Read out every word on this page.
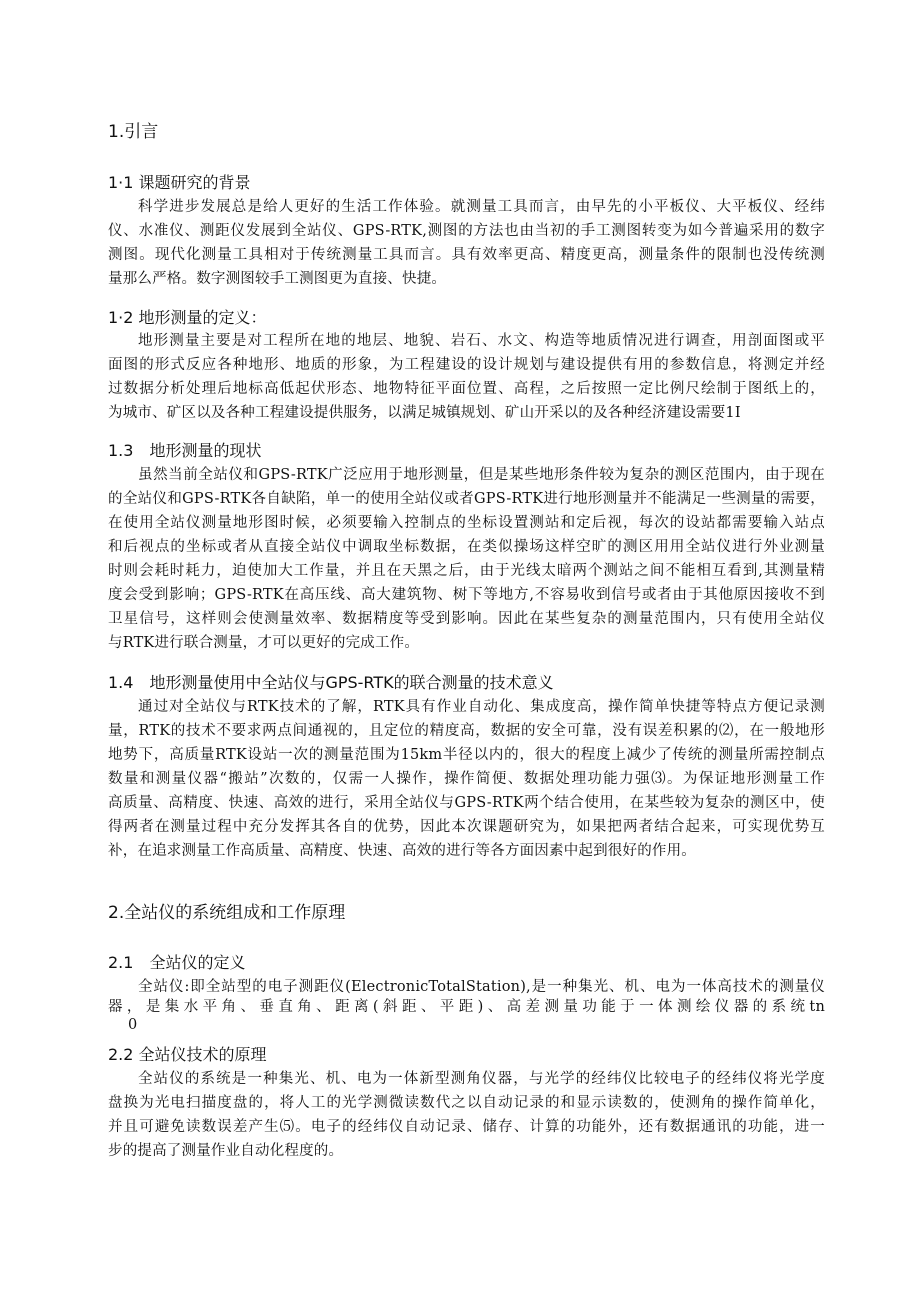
1.引言
1·1 课题研究的背景
科学进步发展总是给人更好的生活工作体验。就测量工具而言，由早先的小平板仪、大平板仪、经纬
仪、水准仪、测距仪发展到全站仪、GPS-RTK,测图的方法也由当初的手工测图转变为如今普遍采用的数字
测图。现代化测量工具相对于传统测量工具而言。具有效率更高、精度更高，测量条件的限制也没传统测
量那么严格。数字测图较手工测图更为直接、快捷。
1·2 地形测量的定义：
地形测量主要是对工程所在地的地层、地貌、岩石、水文、构造等地质情况进行调查，用剖面图或平
面图的形式反应各种地形、地质的形象，为工程建设的设计规划与建设提供有用的参数信息，将测定并经
过数据分析处理后地标高低起伏形态、地物特征平面位置、高程，之后按照一定比例尺绘制于图纸上的，
为城市、矿区以及各种工程建设提供服务，以满足城镇规划、矿山开采以的及各种经济建设需要1I
1.3　地形测量的现状
虽然当前全站仪和GPS-RTK广泛应用于地形测量，但是某些地形条件较为复杂的测区范围内，由于现在
的全站仪和GPS-RTK各自缺陷，单一的使用全站仪或者GPS-RTK进行地形测量并不能满足一些测量的需要，
在使用全站仪测量地形图时候，必须要输入控制点的坐标设置测站和定后视，每次的设站都需要输入站点
和后视点的坐标或者从直接全站仪中调取坐标数据，在类似操场这样空旷的测区用用全站仪进行外业测量
时则会耗时耗力，迫使加大工作量，并且在天黑之后，由于光线太暗两个测站之间不能相互看到,其测量精
度会受到影响；GPS-RTK在高压线、高大建筑物、树下等地方,不容易收到信号或者由于其他原因接收不到
卫星信号，这样则会使测量效率、数据精度等受到影响。因此在某些复杂的测量范围内，只有使用全站仪
与RTK进行联合测量，才可以更好的完成工作。
1.4　地形测量使用中全站仪与GPS-RTK的联合测量的技术意义
通过对全站仪与RTK技术的了解，RTK具有作业自动化、集成度高，操作简单快捷等特点方便记录测
量，RTK的技术不要求两点间通视的，且定位的精度高，数据的安全可靠，没有误差积累的⑵，在一般地形
地势下，高质量RTK设站一次的测量范围为15km半径以内的，很大的程度上减少了传统的测量所需控制点
数量和测量仪器“搬站”次数的，仅需一人操作，操作简便、数据处理功能力强⑶。为保证地形测量工作
高质量、高精度、快速、高效的进行，采用全站仪与GPS-RTK两个结合使用，在某些较为复杂的测区中，使
得两者在测量过程中充分发挥其各自的优势，因此本次课题研究为，如果把两者结合起来，可实现优势互
补，在追求测量工作高质量、高精度、快速、高效的进行等各方面因素中起到很好的作用。
2.全站仪的系统组成和工作原理
2.1　全站仪的定义
全站仪:即全站型的电子测距仪(ElectronicTotalStation),是一种集光、机、电为一体高技术的测量仪
器，是集水平角、垂直角、距离(斜距、平距)、高差测量功能于一体测绘仪器的系统tn
0
2.2 全站仪技术的原理
全站仪的系统是一种集光、机、电为一体新型测角仪器，与光学的经纬仪比较电子的经纬仪将光学度
盘换为光电扫描度盘的，将人工的光学测微读数代之以自动记录的和显示读数的，使测角的操作简单化，
并且可避免读数误差产生⑸。电子的经纬仪自动记录、储存、计算的功能外，还有数据通讯的功能，进一
步的提高了测量作业自动化程度的。
